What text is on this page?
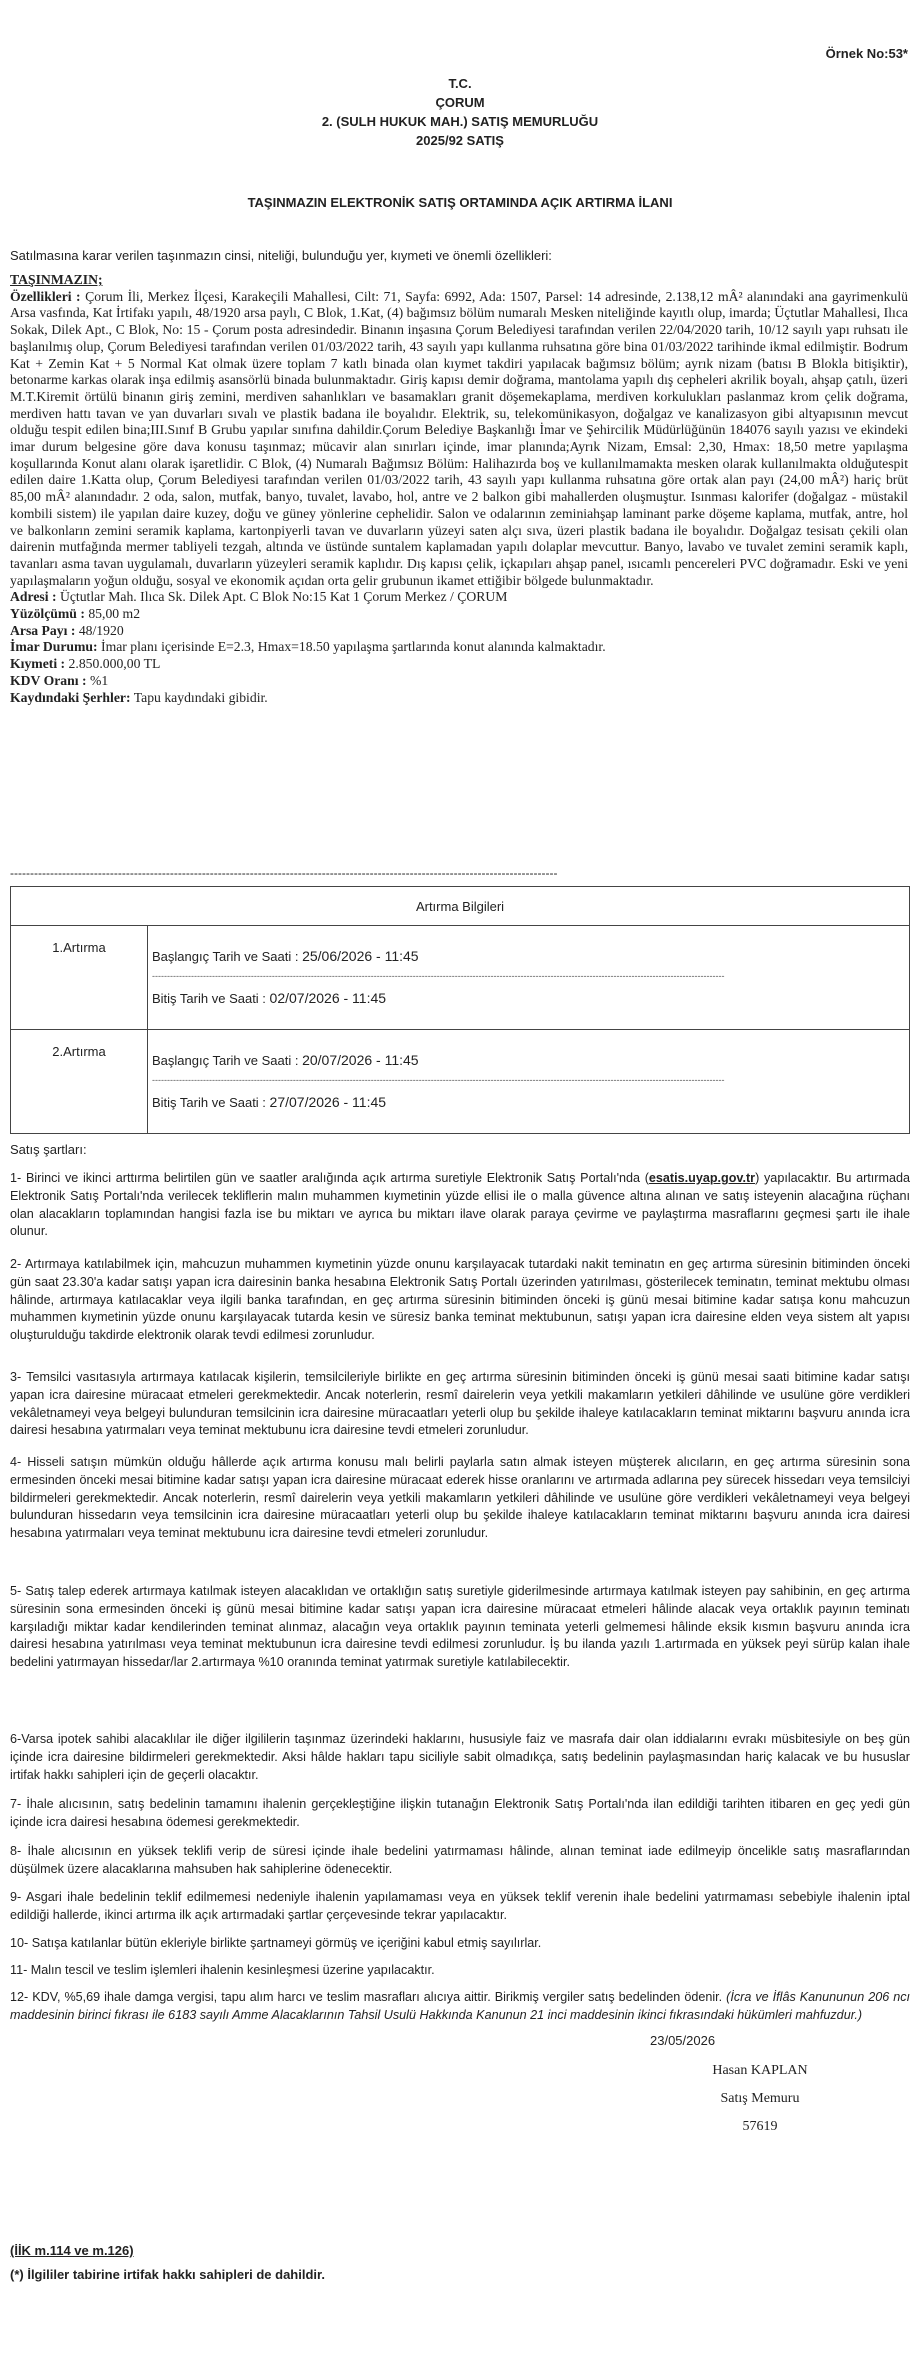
Örnek No:53*
T.C.
ÇORUM
2. (SULH HUKUK MAH.) SATIŞ MEMURLUĞU
2025/92 SATIŞ
TAŞINMAZIN ELEKTRONİK SATIŞ ORTAMINDA AÇIK ARTIRMA İLANI
Satılmasına karar verilen taşınmazın cinsi, niteliği, bulunduğu yer, kıymeti ve önemli özellikleri:
TAŞINMAZIN;
Özellikleri : Çorum İli, Merkez İlçesi, Karakeçili Mahallesi, Cilt: 71, Sayfa: 6992, Ada: 1507, Parsel: 14 adresinde, 2.138,12 mÂ² alanındaki ana gayrimenkulü Arsa vasfında, Kat İrtifakı yapılı, 48/1920 arsa paylı, C Blok, 1.Kat, (4) bağımsız bölüm numaralı Mesken niteliğinde kayıtlı olup, imarda; Üçtutlar Mahallesi, Ilıca Sokak, Dilek Apt., C Blok, No: 15 - Çorum posta adresindedir. Binanın inşasına Çorum Belediyesi tarafından verilen 22/04/2020 tarih, 10/12 sayılı yapı ruhsatı ile başlanılmış olup, Çorum Belediyesi tarafından verilen 01/03/2022 tarih, 43 sayılı yapı kullanma ruhsatına göre bina 01/03/2022 tarihinde ikmal edilmiştir. Bodrum Kat + Zemin Kat + 5 Normal Kat olmak üzere toplam 7 katlı binada olan kıymet takdiri yapılacak bağımsız bölüm; ayrık nizam (batısı B Blokla bitişiktir), betonarme karkas olarak inşa edilmiş asansörlü binada bulunmaktadır. Giriş kapısı demir doğrama, mantolama yapılı dış cepheleri akrilik boyalı, ahşap çatılı, üzeri M.T.Kiremit örtülü binanın giriş zemini, merdiven sahanlıkları ve basamakları granit döşemekaplama, merdiven korkulukları paslanmaz krom çelik doğrama, merdiven hattı tavan ve yan duvarları sıvalı ve plastik badana ile boyalıdır. Elektrik, su, telekomünikasyon, doğalgaz ve kanalizasyon gibi altyapısının mevcut olduğu tespit edilen bina;III.Sınıf B Grubu yapılar sınıfına dahildir.Çorum Belediye Başkanlığı İmar ve Şehircilik Müdürlüğünün 184076 sayılı yazısı ve ekindeki imar durum belgesine göre dava konusu taşınmaz; mücavir alan sınırları içinde, imar planında;Ayrık Nizam, Emsal: 2,30, Hmax: 18,50 metre yapılaşma koşullarında Konut alanı olarak işaretlidir. C Blok, (4) Numaralı Bağımsız Bölüm: Halihazırda boş ve kullanılmamakta mesken olarak kullanılmakta olduğutespit edilen daire 1.Katta olup, Çorum Belediyesi tarafından verilen 01/03/2022 tarih, 43 sayılı yapı kullanma ruhsatına göre ortak alan payı (24,00 mÂ²) hariç brüt 85,00 mÂ² alanındadır. 2 oda, salon, mutfak, banyo, tuvalet, lavabo, hol, antre ve 2 balkon gibi mahallerden oluşmuştur. Isınması kalorifer (doğalgaz - müstakil kombili sistem) ile yapılan daire kuzey, doğu ve güney yönlerine cephelidir. Salon ve odalarının zeminiahşap laminant parke döşeme kaplama, mutfak, antre, hol ve balkonların zemini seramik kaplama, kartonpiyerli tavan ve duvarların yüzeyi saten alçı sıva, üzeri plastik badana ile boyalıdır. Doğalgaz tesisatı çekili olan dairenin mutfağında mermer tabliyeli tezgah, altında ve üstünde suntalem kaplamadan yapılı dolaplar mevcuttur. Banyo, lavabo ve tuvalet zemini seramik kaplı, tavanları asma tavan uygulamalı, duvarların yüzeyleri seramik kaplıdır. Dış kapısı çelik, içkapıları ahşap panel, ısıcamlı pencereleri PVC doğramadır. Eski ve yeni yapılaşmaların yoğun olduğu, sosyal ve ekonomik açıdan orta gelir grubunun ikamet ettiğibir bölgede bulunmaktadır.
Adresi : Üçtutlar Mah. Ilıca Sk. Dilek Apt. C Blok No:15 Kat 1 Çorum Merkez / ÇORUM
Yüzölçümü : 85,00 m2
Arsa Payı : 48/1920
İmar Durumu: İmar planı içerisinde E=2.3, Hmax=18.50 yapılaşma şartlarında konut alanında kalmaktadır.
Kıymeti : 2.850.000,00 TL
KDV Oranı : %1
Kaydındaki Şerhler: Tapu kaydındaki gibidir.
-----------------------------------------------------------------------------------------------------------------------------------------
Artırma Bilgileri	
1.Artırma	Başlangıç Tarih ve Saati : 25/06/2026 - 11:45
-----------------------------------------------------------------------------------------------------------------------------------------------------------------------------------------------
Bitiş Tarih ve Saati : 02/07/2026 - 11:45

2.Artırma	Başlangıç Tarih ve Saati : 20/07/2026 - 11:45
-----------------------------------------------------------------------------------------------------------------------------------------------------------------------------------------------
Bitiş Tarih ve Saati : 27/07/2026 - 11:45
Satış şartları:
1- Birinci ve ikinci arttırma belirtilen gün ve saatler aralığında açık artırma suretiyle Elektronik Satış Portalı'nda (esatis.uyap.gov.tr) yapılacaktır. Bu artırmada Elektronik Satış Portalı'nda verilecek tekliflerin malın muhammen kıymetinin yüzde ellisi ile o malla güvence altına alınan ve satış isteyenin alacağına rüçhanı olan alacakların toplamından hangisi fazla ise bu miktarı ve ayrıca bu miktarı ilave olarak paraya çevirme ve paylaştırma masraflarını geçmesi şartı ile ihale olunur.
2- Artırmaya katılabilmek için, mahcuzun muhammen kıymetinin yüzde onunu karşılayacak tutardaki nakit teminatın en geç artırma süresinin bitiminden önceki gün saat 23.30'a kadar satışı yapan icra dairesinin banka hesabına Elektronik Satış Portalı üzerinden yatırılması, gösterilecek teminatın, teminat mektubu olması hâlinde, artırmaya katılacaklar veya ilgili banka tarafından, en geç artırma süresinin bitiminden önceki iş günü mesai bitimine kadar satışa konu mahcuzun muhammen kıymetinin yüzde onunu karşılayacak tutarda kesin ve süresiz banka teminat mektubunun, satışı yapan icra dairesine elden veya sistem alt yapısı oluşturulduğu takdirde elektronik olarak tevdi edilmesi zorunludur.
3- Temsilci vasıtasıyla artırmaya katılacak kişilerin, temsilcileriyle birlikte en geç artırma süresinin bitiminden önceki iş günü mesai saati bitimine kadar satışı yapan icra dairesine müracaat etmeleri gerekmektedir. Ancak noterlerin, resmî dairelerin veya yetkili makamların yetkileri dâhilinde ve usulüne göre verdikleri vekâletnameyi veya belgeyi bulunduran temsilcinin icra dairesine müracaatları yeterli olup bu şekilde ihaleye katılacakların teminat miktarını başvuru anında icra dairesi hesabına yatırmaları veya teminat mektubunu icra dairesine tevdi etmeleri zorunludur.
4- Hisseli satışın mümkün olduğu hâllerde açık artırma konusu malı belirli paylarla satın almak isteyen müşterek alıcıların, en geç artırma süresinin sona ermesinden önceki mesai bitimine kadar satışı yapan icra dairesine müracaat ederek hisse oranlarını ve artırmada adlarına pey sürecek hissedarı veya temsilciyi bildirmeleri gerekmektedir. Ancak noterlerin, resmî dairelerin veya yetkili makamların yetkileri dâhilinde ve usulüne göre verdikleri vekâletnameyi veya belgeyi bulunduran hissedarın veya temsilcinin icra dairesine müracaatları yeterli olup bu şekilde ihaleye katılacakların teminat miktarını başvuru anında icra dairesi hesabına yatırmaları veya teminat mektubunu icra dairesine tevdi etmeleri zorunludur.
5- Satış talep ederek artırmaya katılmak isteyen alacaklıdan ve ortaklığın satış suretiyle giderilmesinde artırmaya katılmak isteyen pay sahibinin, en geç artırma süresinin sona ermesinden önceki iş günü mesai bitimine kadar satışı yapan icra dairesine müracaat etmeleri hâlinde alacak veya ortaklık payının teminatı karşıladığı miktar kadar kendilerinden teminat alınmaz, alacağın veya ortaklık payının teminata yeterli gelmemesi hâlinde eksik kısmın başvuru anında icra dairesi hesabına yatırılması veya teminat mektubunun icra dairesine tevdi edilmesi zorunludur. İş bu ilanda yazılı 1.artırmada en yüksek peyi sürüp kalan ihale bedelini yatırmayan hissedar/lar 2.artırmaya %10 oranında teminat yatırmak suretiyle katılabilecektir.
6-Varsa ipotek sahibi alacaklılar ile diğer ilgililerin taşınmaz üzerindeki haklarını, hususiyle faiz ve masrafa dair olan iddialarını evrakı müsbitesiyle on beş gün içinde icra dairesine bildirmeleri gerekmektedir. Aksi hâlde hakları tapu siciliyle sabit olmadıkça, satış bedelinin paylaşmasından hariç kalacak ve bu hususlar irtifak hakkı sahipleri için de geçerli olacaktır.
7- İhale alıcısının, satış bedelinin tamamını ihalenin gerçekleştiğine ilişkin tutanağın Elektronik Satış Portalı'nda ilan edildiği tarihten itibaren en geç yedi gün içinde icra dairesi hesabına ödemesi gerekmektedir.
8- İhale alıcısının en yüksek teklifi verip de süresi içinde ihale bedelini yatırmaması hâlinde, alınan teminat iade edilmeyip öncelikle satış masraflarından düşülmek üzere alacaklarına mahsuben hak sahiplerine ödenecektir.
9- Asgari ihale bedelinin teklif edilmemesi nedeniyle ihalenin yapılamaması veya en yüksek teklif verenin ihale bedelini yatırmaması sebebiyle ihalenin iptal edildiği hallerde, ikinci artırma ilk açık artırmadaki şartlar çerçevesinde tekrar yapılacaktır.
10- Satışa katılanlar bütün ekleriyle birlikte şartnameyi görmüş ve içeriğini kabul etmiş sayılırlar.
11- Malın tescil ve teslim işlemleri ihalenin kesinleşmesi üzerine yapılacaktır.
12- KDV, %5,69 ihale damga vergisi, tapu alım harcı ve teslim masrafları alıcıya aittir. Birikmiş vergiler satış bedelinden ödenir. (İcra ve İflâs Kanununun 206 ncı maddesinin birinci fıkrası ile 6183 sayılı Amme Alacaklarının Tahsil Usulü Hakkında Kanunun 21 inci maddesinin ikinci fıkrasındaki hükümleri mahfuzdur.)
23/05/2026
Hasan KAPLAN
Satış Memuru
57619
(İİK m.114 ve m.126)
(*) İlgililer tabirine irtifak hakkı sahipleri de dahildir.
